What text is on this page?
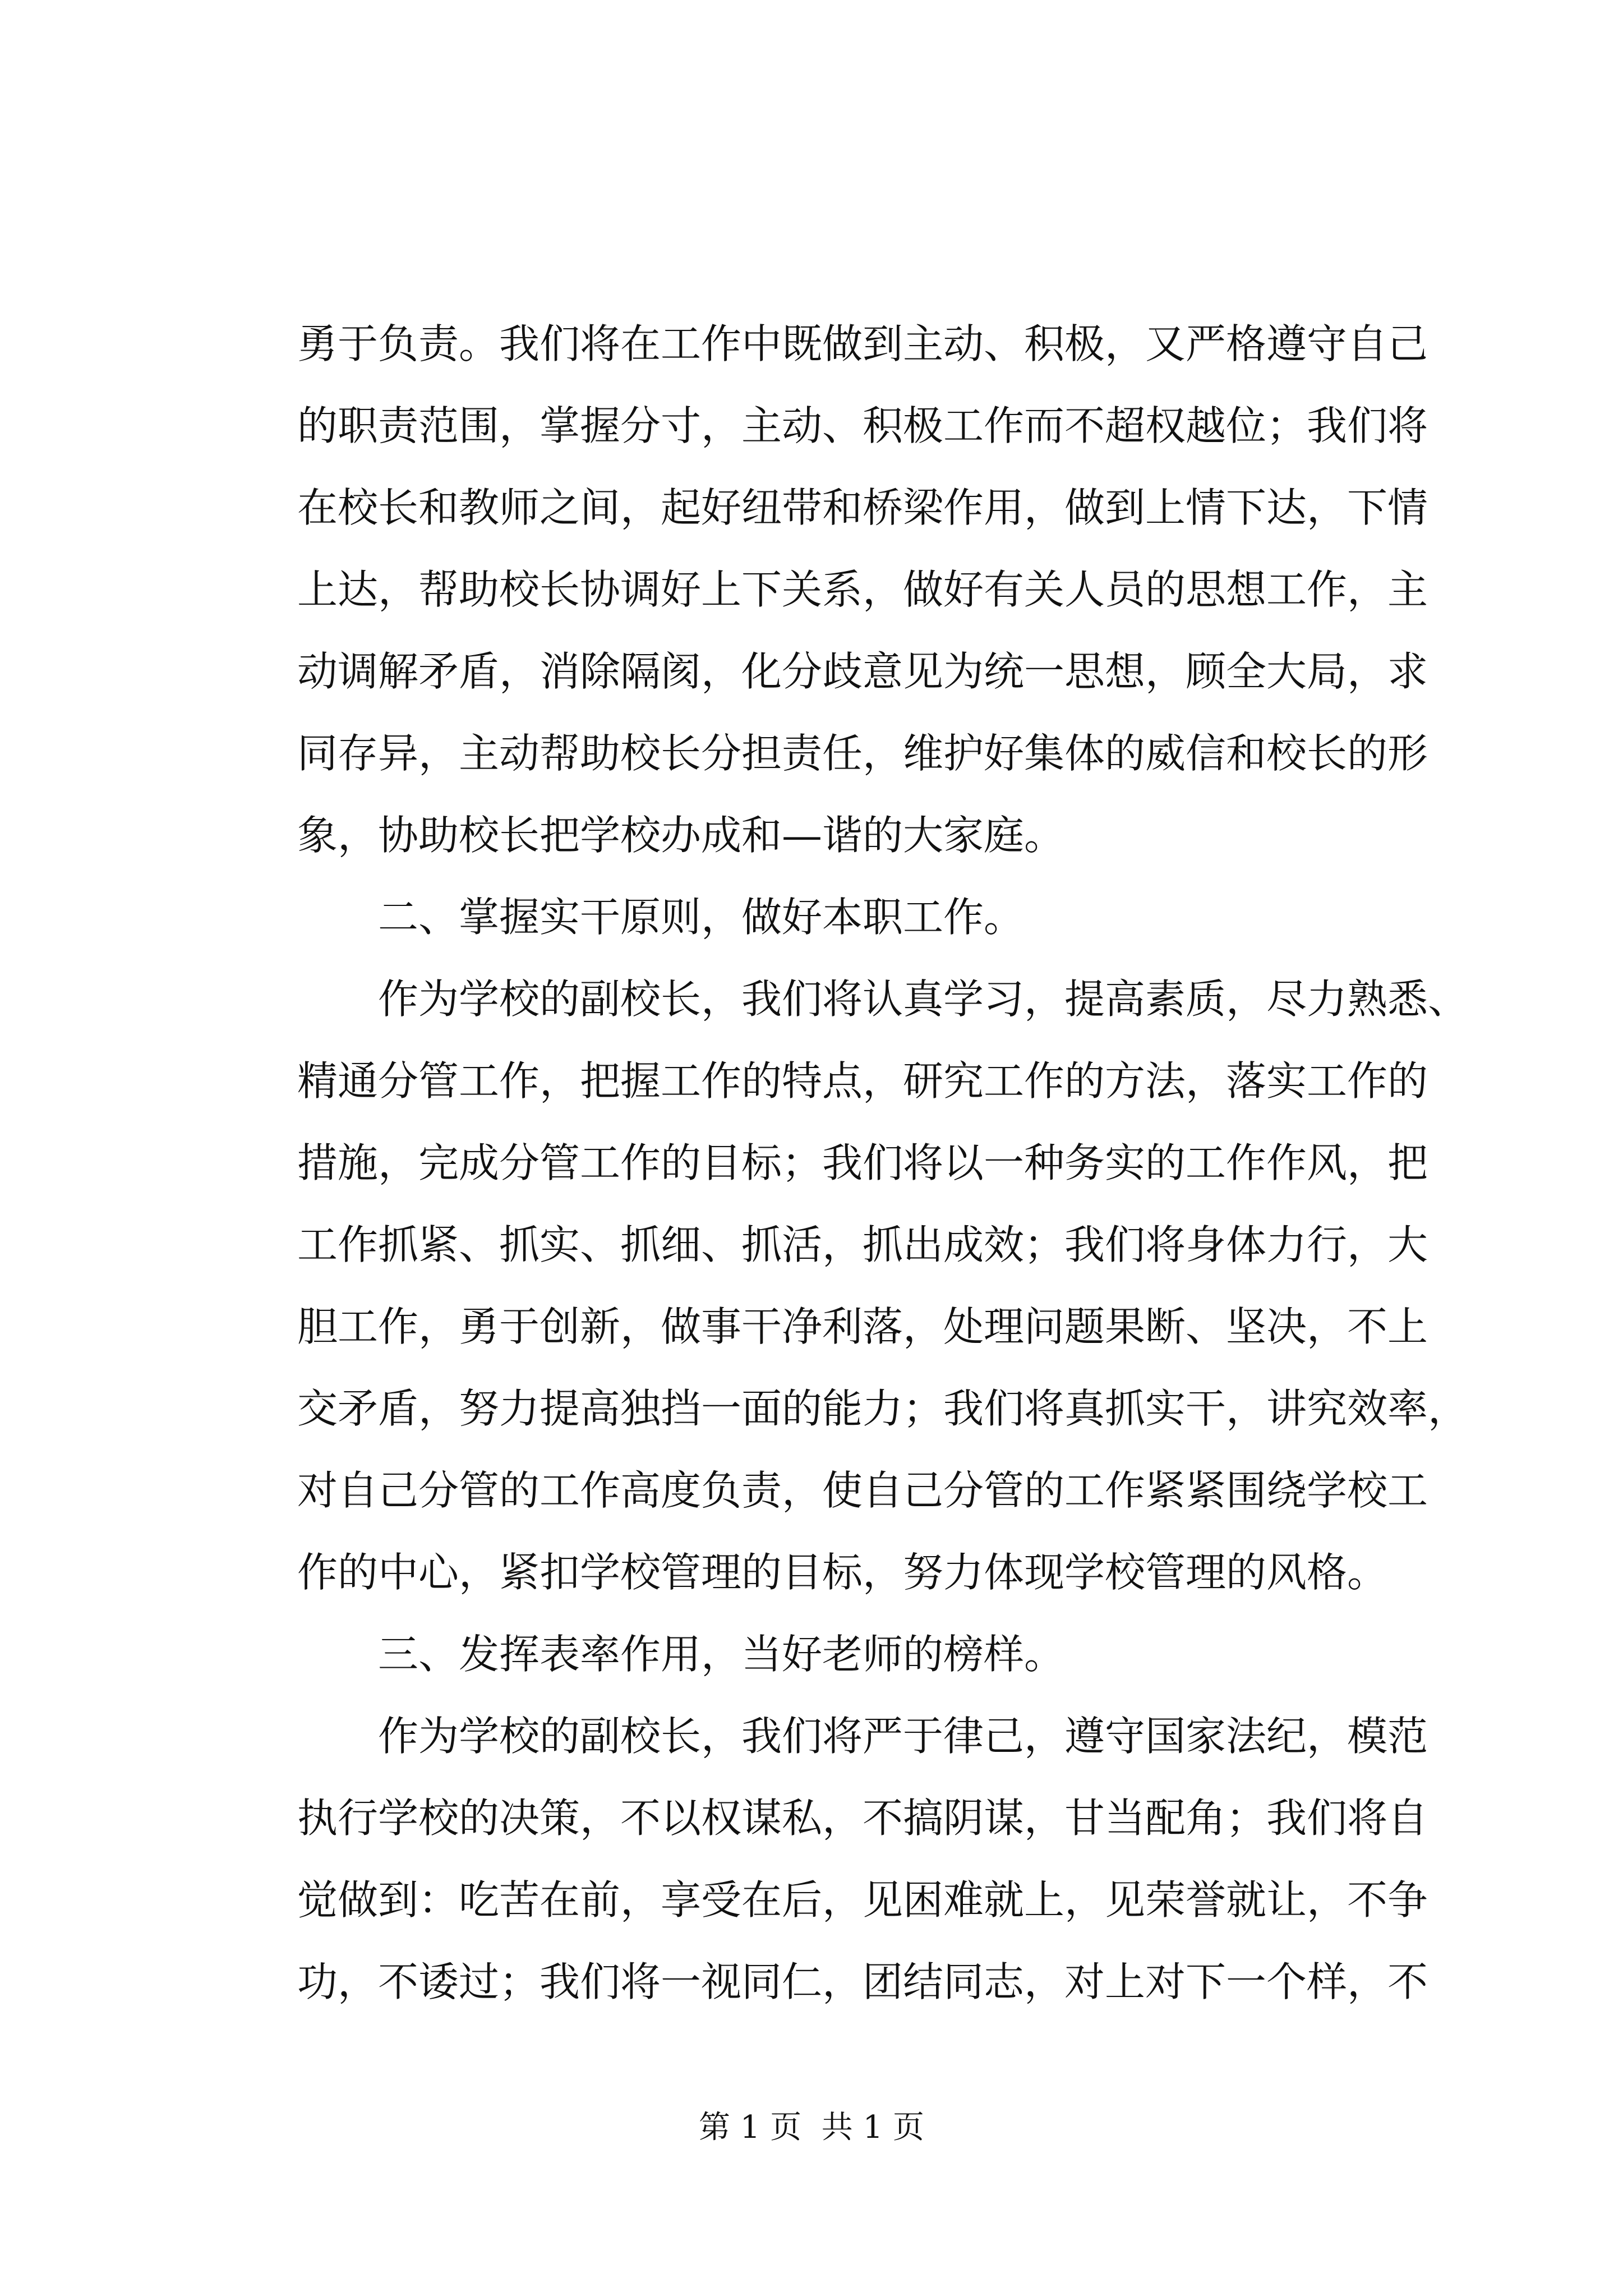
勇于负责。我们将在工作中既做到主动、积极，又严格遵守自己
的职责范围，掌握分寸，主动、积极工作而不超权越位；我们将
在校长和教师之间，起好纽带和桥梁作用，做到上情下达，下情
上达，帮助校长协调好上下关系，做好有关人员的思想工作，主
动调解矛盾，消除隔阂，化分歧意见为统一思想，顾全大局，求
同存异，主动帮助校长分担责任，维护好集体的威信和校长的形
象，协助校长把学校办成和—谐的大家庭。
二、掌握实干原则，做好本职工作。
作为学校的副校长，我们将认真学习，提高素质，尽力熟悉、
精通分管工作，把握工作的特点，研究工作的方法，落实工作的
措施，完成分管工作的目标；我们将以一种务实的工作作风，把
工作抓紧、抓实、抓细、抓活，抓出成效；我们将身体力行，大
胆工作，勇于创新，做事干净利落，处理问题果断、坚决，不上
交矛盾，努力提高独挡一面的能力；我们将真抓实干，讲究效率，
对自己分管的工作高度负责，使自己分管的工作紧紧围绕学校工
作的中心，紧扣学校管理的目标，努力体现学校管理的风格。
三、发挥表率作用，当好老师的榜样。
作为学校的副校长，我们将严于律己，遵守国家法纪，模范
执行学校的决策，不以权谋私，不搞阴谋，甘当配角；我们将自
觉做到：吃苦在前，享受在后，见困难就上，见荣誉就让，不争
功，不诿过；我们将一视同仁，团结同志，对上对下一个样，不
第 1 页  共 1 页
